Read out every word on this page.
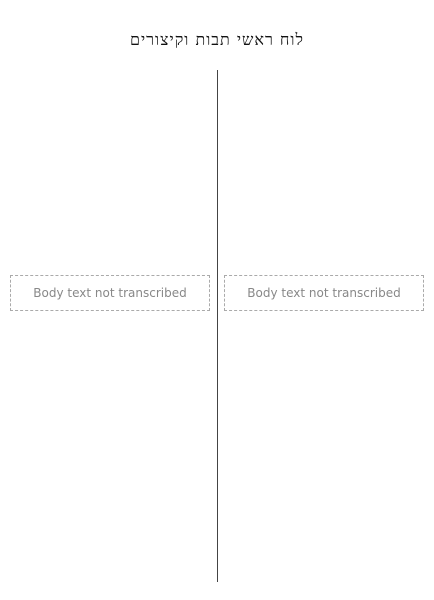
לוח ראשי תבות וקיצורים
Body text not transcribed
Body text not transcribed
